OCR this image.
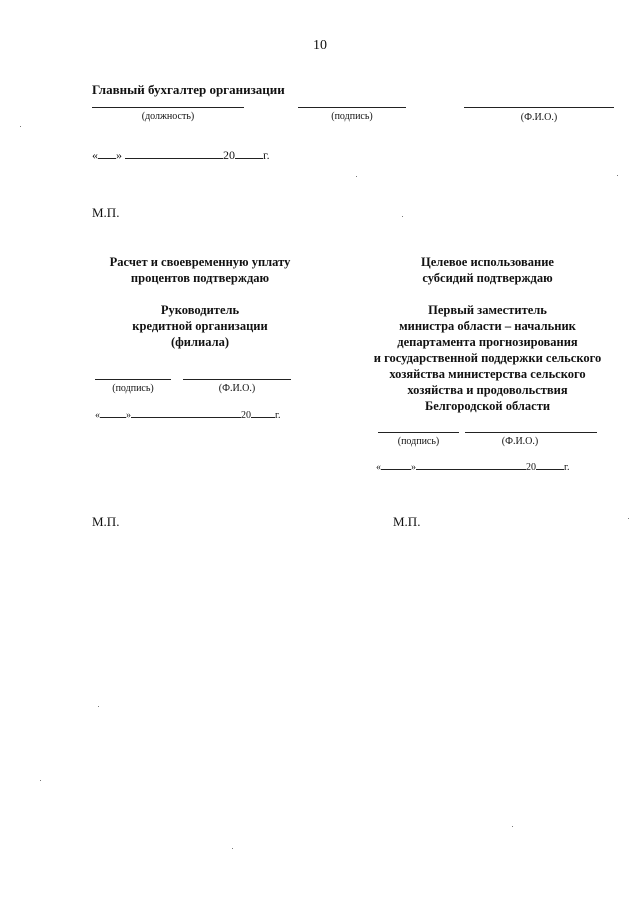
10
Главный бухгалтер организации
(должность)	(подпись)	(Ф.И.О.)
« »	20 г.
М.П.
Расчет и своевременную уплату
процентов подтверждаю
Руководитель
кредитной организации
(филиала)
(подпись)	(Ф.И.О.)
«	»	20 г.
М.П.
Целевое использование
субсидий подтверждаю
Первый заместитель
министра области – начальник
департамента прогнозирования
и государственной поддержки сельского
хозяйства министерства сельского
хозяйства и продовольствия
Белгородской области
(подпись)	(Ф.И.О.)
«	»	20	г.
М.П.
